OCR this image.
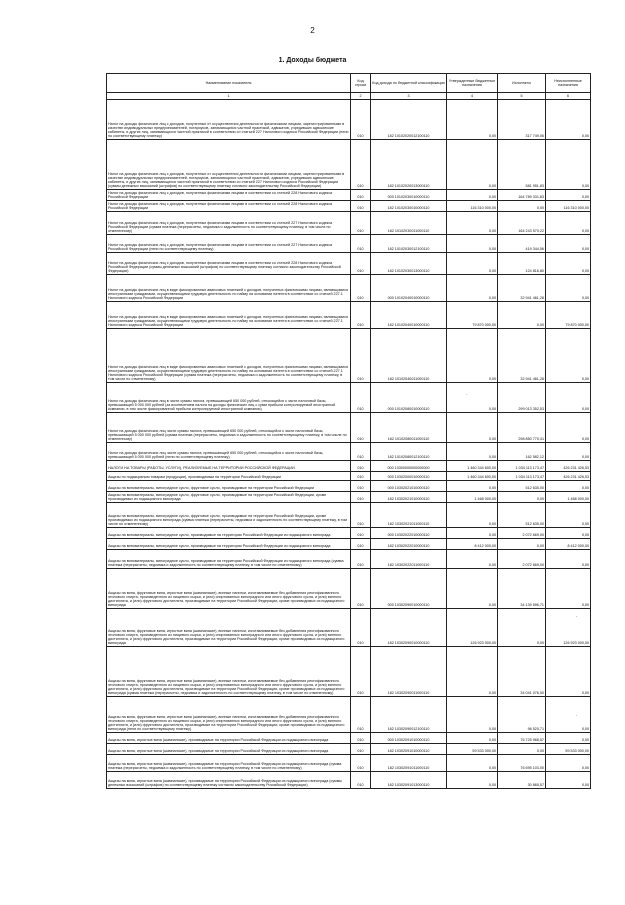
2
1. Доходы бюджета
Наименование показателя	Код строки	Код дохода по бюджетной классификации	Утвержденные бюджетные назначения	Исполнено	Неисполненные назначения
1	2	3	4	5	6
Налог на доходы физических лиц с доходов, полученных от осуществления деятельности физическими лицами, зарегистрированными в качестве индивидуальных предпринимателей, нотариусов, занимающихся частной практикой, адвокатов, учредивших адвокатские кабинеты, и других лиц, занимающихся частной практикой в соответствии со статьей 227 Налогового кодекса Российской Федерации (пени по соответствующему платежу)	010	182 10102020012100110	0,00	317 749,06	0,00
Налог на доходы физических лиц с доходов, полученных от осуществления деятельности физическими лицами, зарегистрированными в качестве индивидуальных предпринимателей, нотариусов, занимающихся частной практикой, адвокатов, учредивших адвокатские кабинеты, и других лиц, занимающихся частной практикой в соответствии со статьей 227 Налогового кодекса Российской Федерации (суммы денежных взысканий (штрафов) по соответствующему платежу согласно законодательству Российской Федерации)	010	182 10102020013000110	0,00	581 951,83	0,00
Налог на доходы физических лиц с доходов, полученных физическими лицами в соответствии со статьей 228 Налогового кодекса Российской Федерации	010	000 10102030010000110	0,00	164 789 331,83	0,00
Налог на доходы физических лиц с доходов, полученных физическими лицами в соответствии со статьей 228 Налогового кодекса Российской Федерации	010	182 10102030010000110	116 310 000,00	0,00	116 310 000,00
Налог на доходы физических лиц с доходов, полученных физическими лицами в соответствии со статьей 227 Налогового кодекса Российской Федерации (сумма платежа (перерасчеты, недоимка и задолженность по соответствующему платежу, в том числе по отмененному)	010	182 10102030011000110	0,00	164 243 570,22	0,00
Налог на доходы физических лиц с доходов, полученных физическими лицами в соответствии со статьей 227 Налогового кодекса Российской Федерации (пени по соответствующему платежу)	010	182 10102030012100110	0,00	419 344,56	0,00
Налог на доходы физических лиц с доходов, полученных физическими лицами в соответствии со статьей 228 Налогового кодекса Российской Федерации (суммы денежных взысканий (штрафов) по соответствующему платежу согласно законодательству Российской Федерации)	010	182 10102030013000110	0,00	124 816,80	0,00
Налог на доходы физических лиц в виде фиксированных авансовых платежей с доходов, полученных физическими лицами, являющимися иностранными гражданами, осуществляющими трудовую деятельность по найму на основании патента в соответствии со статьей 227.1 Налогового кодекса Российской Федерации	010	000 10102040010000110	0,00	32 941 461,28	0,00
Налог на доходы физических лиц в виде фиксированных авансовых платежей с доходов, полученных физическими лицами, являющимися иностранными гражданами, осуществляющими трудовую деятельность по найму на основании патента в соответствии со статьей 227.1 Налогового кодекса Российской Федерации	010	182 10102040010000110	79 870 000,00	0,00	79 870 000,00
Налог на доходы физических лиц в виде фиксированных авансовых платежей с доходов, полученных физическими лицами, являющимися иностранными гражданами, осуществляющими трудовую деятельность по найму на основании патента в соответствии со статьей 227.1 Налогового кодекса Российской Федерации (сумма платежа (перерасчеты, недоимка и задолженность по соответствующему платежу, в том числе по отмененному)	010	182 10102040011000110	0,00	32 941 461,28	0,00
Налог на доходы физических лиц в части суммы налога, превышающей 650 000 рублей, относящейся к части налоговой базы, превышающей 5 000 000 рублей (за исключением налога на доходы физических лиц с сумм прибыли контролируемой иностранной компании, в том числе фиксированной прибыли контролируемой иностранной компании)	010	000 10102080010000110	0,00	299 013 352,53	0,00
Налог на доходы физических лиц части суммы налога, превышающей 650 000 рублей, относящейся к части налоговой базы, превышающей 5 000 000 рублей (сумма платежа (перерасчеты, недоимка и задолженность по соответствующему платежу, в том числе по отмененному)	010	182 10102080011000110	0,00	298 850 770,41	0,00
Налог на доходы физических лиц части суммы налога, превышающей 650 000 рублей, относящейся к части налоговой базы, превышающей 5 000 000 рублей (пени по соответствующему платежу)	010	182 10102080012100110	0,00	162 582,12	0,00
НАЛОГИ НА ТОВАРЫ (РАБОТЫ, УСЛУГИ), РЕАЛИЗУЕМЫЕ НА ТЕРРИТОРИИ РОССИЙСКОЙ ФЕДЕРАЦИИ	010	000 10300000000000000	1 460 344 600,00	1 034 113 173,47	426 231 426,53
Акцизы по подакцизным товарам (продукции), производимым на территории Российской Федерации	010	000 10302000010000110	1 460 344 600,00	1 034 113 173,47	426 231 426,53
Акцизы на виноматериалы, виноградное сусло, фруктовое сусло, производимые на территории Российской Федерации	010	000 10302021010000110	0,00	512 635,00	0,00
Акцизы на виноматериалы, виноградное сусло, фруктовое сусло, производимые на территории Российской Федерации, кроме производимых из подакцизного винограда	010	182 10302021010000110	1 468 000,00	0,00	1 468 000,00
Акцизы на виноматериалы, виноградное сусло, фруктовое сусло, производимые на территории Российской Федерации, кроме производимых из подакцизного винограда (сумма платежа (перерасчеты, недоимка и задолженность по соответствующему платежу, в том числе по отмененному)	010	182 10302021011000110	0,00	512 635,00	0,00
Акцизы на виноматериалы, виноградное сусло, производимые на территории Российской Федерации из подакцизного винограда	010	000 10302022010000110	0,00	2 072 669,00	0,00
Акцизы на виноматериалы, виноградное сусло, производимые на территории Российской Федерации из подакцизного винограда	010	182 10302022010000110	8 412 000,00	0,00	8 412 000,00
Акцизы на виноматериалы, виноградное сусло, производимые на территории Российской Федерации из подакцизного винограда (сумма платежа (перерасчеты, недоимка и задолженность по соответствующему платежу, в том числе по отмененному)	010	182 10302022011000110	0,00	2 072 669,00	0,00
Акцизы на вина, фруктовые вина, игристые вина (шампанские), винные напитки, изготавливаемые без добавления ректификованного этилового спирта, произведенного из пищевого сырья, и (или) спиртованных виноградного или иного фруктового сусла, и (или) винного дистиллята, и (или) фруктового дистиллята, производимые на территории Российской Федерации, кроме производимых из подакцизного винограда	010	000 10302090010000110	0,00	34 139 596,71	0,00
Акцизы на вина, фруктовые вина, игристые вина (шампанские), винные напитки, изготавливаемые без добавления ректификованного этилового спирта, произведенного из пищевого сырья, и (или) спиртованных виноградного или иного фруктового сусла, и (или) винного дистиллята, и (или) фруктового дистиллята, производимые на территории Российской Федерации, кроме производимых из подакцизного винограда	010	182 10302090010000110	126 923 000,00	0,00	126 923 000,00
Акцизы на вина, фруктовые вина, игристые вина (шампанские), винные напитки, изготавливаемые без добавления ректификованного этилового спирта, произведенного из пищевого сырья, и (или) спиртованных виноградного или иного фруктового сусла, и (или) винного дистиллята, и (или) фруктового дистиллята, производимые на территории Российской Федерации, кроме производимых из подакцизного винограда (сумма платежа (перерасчеты, недоимка и задолженность по соответствующему платежу, в том числе по отмененному)	010	182 10302090011000110	0,00	34 041 076,00	0,00
Акцизы на вина, фруктовые вина, игристые вина (шампанские), винные напитки, изготавливаемые без добавления ректификованного этилового спирта, произведенного из пищевого сырья, и (или) спиртованных виноградного или иного фруктового сусла, и (или) винного дистиллята, и (или) фруктового дистиллята, производимые на территории Российской Федерации, кроме производимых из подакцизного винограда (пени по соответствующему платежу)	010	182 10302090012100110	0,00	98 520,71	0,00
Акцизы на вина, игристые вина (шампанские), производимые на территории Российской Федерации из подакцизного винограда	010	000 10302091010000110	0,00	76 725 968,57	0,00
Акцизы на вина, игристые вина (шампанские), производимые на территории Российской Федерации из подакцизного винограда	010	182 10302091010000110	59 533 000,00	0,00	59 533 000,00
Акцизы на вина, игристые вина (шампанские), производимые на территории Российской Федерации из подакцизного винограда (сумма платежа (перерасчеты, недоимка и задолженность по соответствующему платежу, в том числе по отмененному)	010	182 10302091011000110	0,00	76 695 103,00	0,00
Акцизы на вина, игристые вина (шампанские), производимые на территории Российской Федерации из подакцизного винограда (суммы денежных взысканий (штрафов) по соответствующему платежу согласно законодательству Российской Федерации)	010	182 10302091013000110	0,00	30 865,57	0,00
·
·
·
